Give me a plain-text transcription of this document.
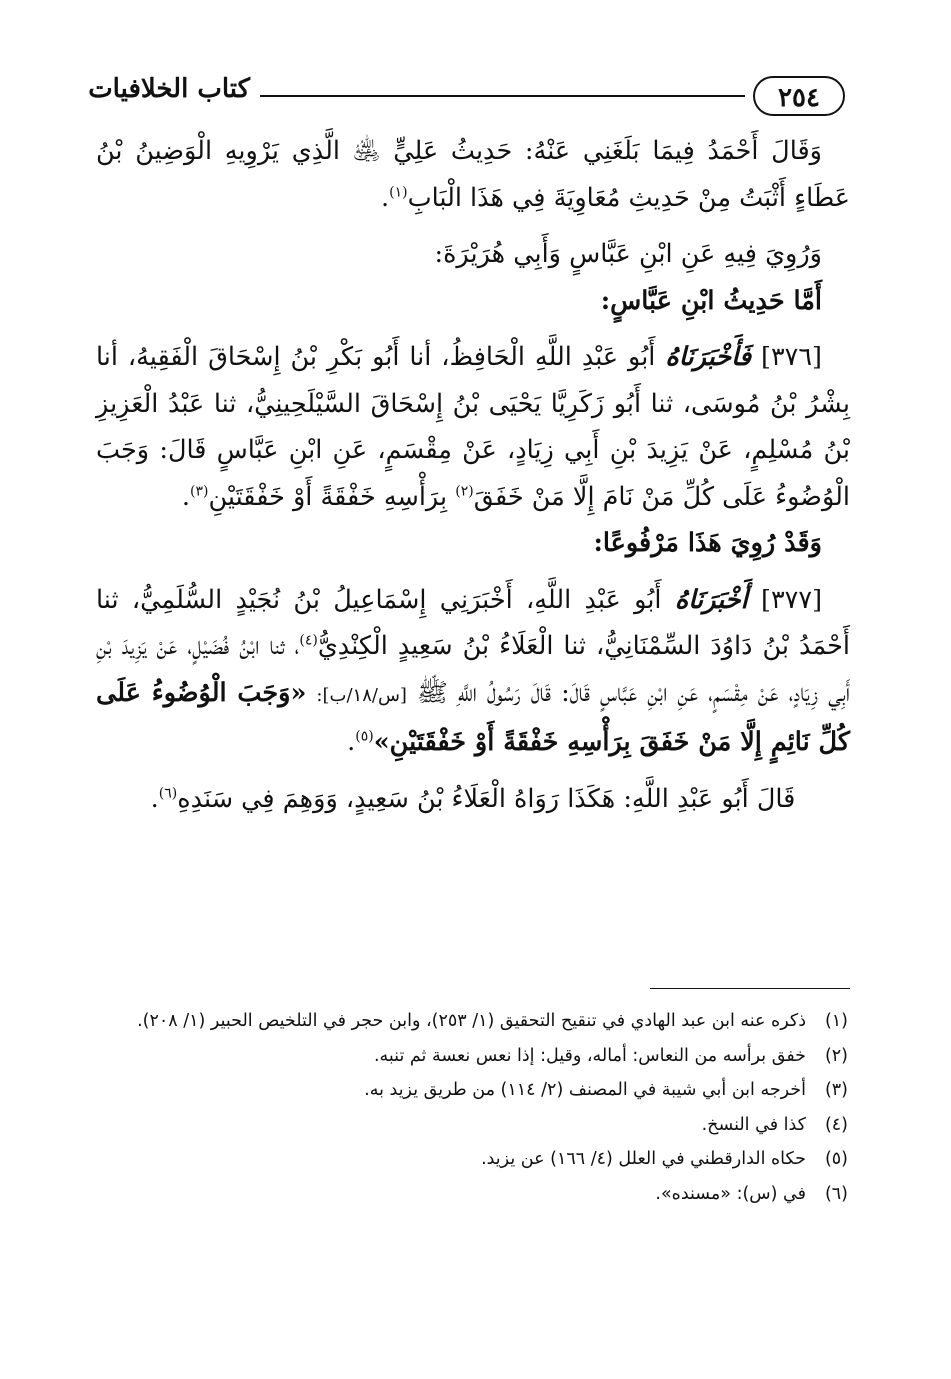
٢٥٤
كتاب الخلافيات

وَقَالَ أَحْمَدُ فِيمَا بَلَغَنِي عَنْهُ: حَدِيثُ عَلِيٍّ ﵁ الَّذِي يَرْوِيهِ الْوَضِينُ بْنُ عَطَاءٍ أَثْبَتُ مِنْ حَدِيثِ مُعَاوِيَةَ فِي هَذَا الْبَابِ$^{(١)}$.

وَرُوِيَ فِيهِ عَنِ ابْنِ عَبَّاسٍ وَأَبِي هُرَيْرَةَ:

أَمَّا حَدِيثُ ابْنِ عَبَّاسٍ:

[٣٧٦] فَأَخْبَرَنَاهُ أَبُو عَبْدِ اللَّهِ الْحَافِظُ، أنا أَبُو بَكْرِ بْنُ إِسْحَاقَ الْفَقِيهُ، أنا بِشْرُ بْنُ مُوسَى، ثنا أَبُو زَكَرِيَّا يَحْيَى بْنُ إِسْحَاقَ السَّيْلَحِينِيُّ، ثنا عَبْدُ الْعَزِيزِ بْنُ مُسْلِمٍ، عَنْ يَزِيدَ بْنِ أَبِي زِيَادٍ، عَنْ مِقْسَمٍ، عَنِ ابْنِ عَبَّاسٍ قَالَ: وَجَبَ الْوُضُوءُ عَلَى كُلِّ مَنْ نَامَ إِلَّا مَنْ خَفَقَ$^{(٢)}$ بِرَأْسِهِ خَفْقَةً أَوْ خَفْقَتَيْنِ$^{(٣)}$.

وَقَدْ رُوِيَ هَذَا مَرْفُوعًا:

[٣٧٧] أَخْبَرَنَاهُ أَبُو عَبْدِ اللَّهِ، أَخْبَرَنِي إِسْمَاعِيلُ بْنُ نُجَيْدٍ السُّلَمِيُّ، ثنا أَحْمَدُ بْنُ دَاوُدَ السِّمْنَانِيُّ، ثنا الْعَلَاءُ بْنُ سَعِيدٍ الْكِنْدِيُّ$^{(٤)}$، ثنا ابْنُ فُضَيْلٍ، عَنْ يَزِيدَ بْنِ أَبِي زِيَادٍ، عَنْ مِقْسَمٍ، عَنِ ابْنِ عَبَّاسٍ قَالَ: قَالَ رَسُولُ اللَّهِ ﷺ [س/١٨/ب]: «وَجَبَ الْوُضُوءُ عَلَى كُلِّ نَائِمٍ إِلَّا مَنْ خَفَقَ بِرَأْسِهِ خَفْقَةً أَوْ خَفْقَتَيْنِ»$^{(٥)}$.

قَالَ أَبُو عَبْدِ اللَّهِ: هَكَذَا رَوَاهُ الْعَلَاءُ بْنُ سَعِيدٍ، وَوَهِمَ فِي سَنَدِهِ$^{(٦)}$.

(١)
ذكره عنه ابن عبد الهادي في تنقيح التحقيق (١/ ٢٥٣)، وابن حجر في التلخيص الحبير (١/ ٢٠٨).
(٢)
خفق برأسه من النعاس: أماله، وقيل: إذا نعس نعسة ثم تنبه.
(٣)
أخرجه ابن أبي شيبة في المصنف (٢/ ١١٤) من طريق يزيد به.
(٤)
كذا في النسخ.
(٥)
حكاه الدارقطني في العلل (٤/ ١٦٦) عن يزيد.
(٦)
في (س): «مسنده».
